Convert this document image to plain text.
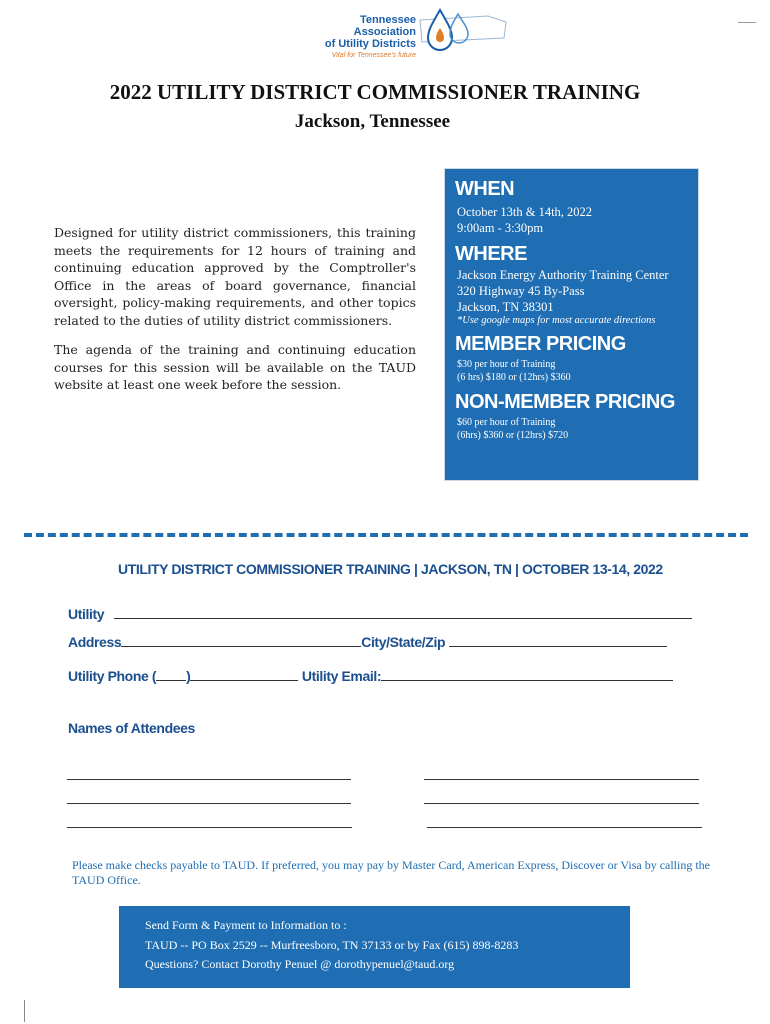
Tennessee Association
of Utility Districts
Vital for Tennessee's future
2022 UTILITY DISTRICT COMMISSIONER TRAINING
Jackson, Tennessee

Designed for utility district commissioners, this training meets the requirements for 12 hours of training and continuing education approved by the Comptroller's Office in the areas of board governance, financial oversight, policy-making requirements, and other topics related to the duties of utility district commissioners.

The agenda of the training and continuing education courses for this session will be available on the TAUD website at least one week before the session.

WHEN
October 13th & 14th, 2022
9:00am - 3:30pm
WHERE
Jackson Energy Authority Training Center
320 Highway 45 By-Pass
Jackson, TN 38301
*Use google maps for most accurate directions
MEMBER PRICING
$30 per hour of Training
(6 hrs) $180 or (12hrs) $360
NON-MEMBER PRICING
$60 per hour of Training
(6hrs) $360 or (12hrs) $720
UTILITY DISTRICT COMMISSIONER TRAINING | JACKSON, TN | OCTOBER 13-14, 2022
Utility
Address	City/State/Zip
Utility Phone ( )	Utility Email:
Names of Attendees
Please make checks payable to TAUD. If preferred, you may pay by Master Card, American Express, Discover or Visa by calling the TAUD Office.
Send Form & Payment to Information to :
TAUD -- PO Box 2529 -- Murfreesboro, TN 37133 or by Fax (615) 898-8283
Questions? Contact Dorothy Penuel @ dorothypenuel@taud.org
